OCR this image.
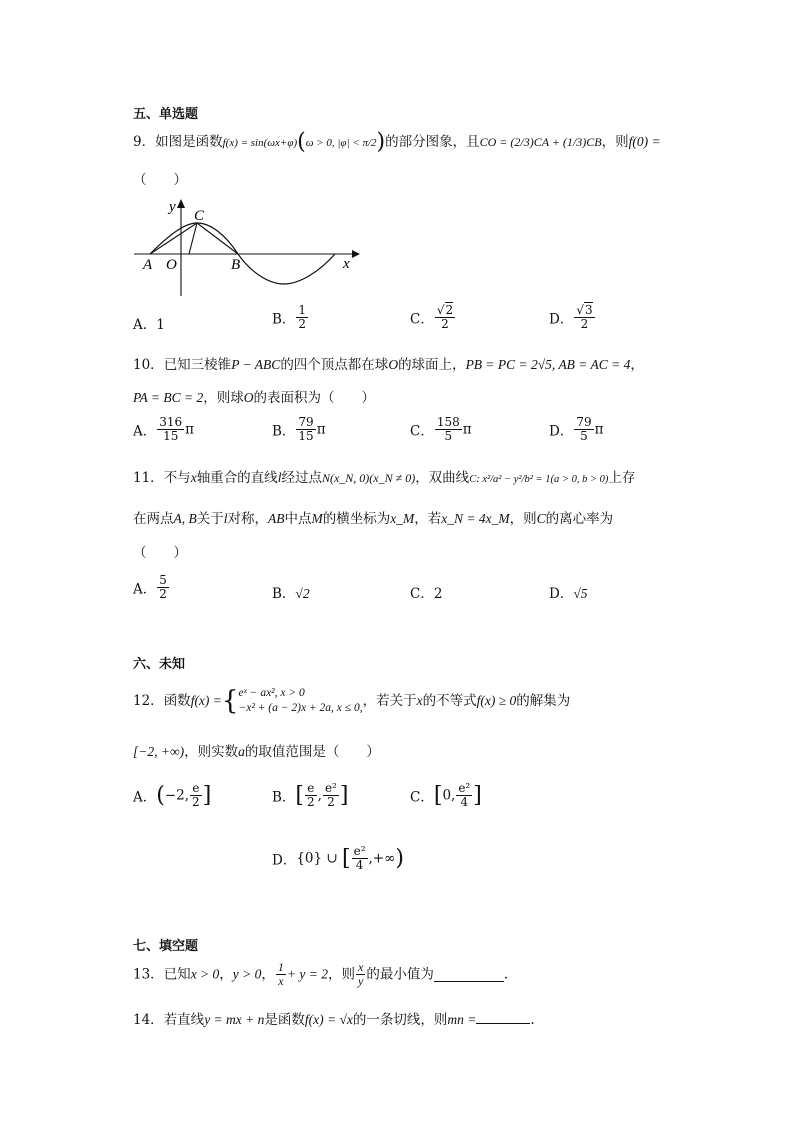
五、单选题
9．如图是函数f(x) = sin(ωx+φ)(ω > 0, |φ| < π/2)的部分图象，且CO = (2/3)CA + (1/3)CB，则f(0) =
（　　）
y
C
A O	B	x
A．1	B． $\frac{1}{2}$	C． $\frac{√2}{2}$	D． $\frac{√3}{2}$
10．已知三棱锥P − ABC的四个顶点都在球O的球面上，PB = PC = 2√5, AB = AC = 4，
PA = BC = 2，则球O的表面积为（　　）
A． $\frac{316}{15}$ π	B． $\frac{79}{15}$ π	C． $\frac{158}{5}$ π	D． $\frac{79}{5}$ π
11．不与x轴重合的直线l经过点N(x_N, 0)(x_N ≠ 0)，双曲线C: x²/a² − y²/b² = 1(a > 0, b > 0)上存
在两点A, B关于l对称，AB中点M的横坐标为x_M，若x_N = 4x_M，则C的离心率为
（　　）
A． $\frac{5}{2}$	B．√2	C．2	D．√5
六、未知
12．函数f(x) ={ eˣ − ax², x > 0
−x² + (a − 2)x + 2a, x ≤ 0, ，若关于x的不等式f(x) ≥ 0的解集为
[−2, +∞)，则实数a的取值范围是（　　）
A．(−2, $\frac{e}{2}$ ]	B．[ $\frac{e}{2}$ , $\frac{\text{e²}}{2}$ ]	C．[0, $\frac{\text{e²}}{4}$ ]
D．{0} ∪ [ $\frac{\text{e²}}{4}$ ,+∞)
七、填空题
13．已知x > 0，y > 0， $\frac{1}{x} + y = 2$，则 $\frac{x}{y}$ 的最小值为	.
14．若直线y = mx + n是函数f(x) = √x的一条切线，则mn =	.
